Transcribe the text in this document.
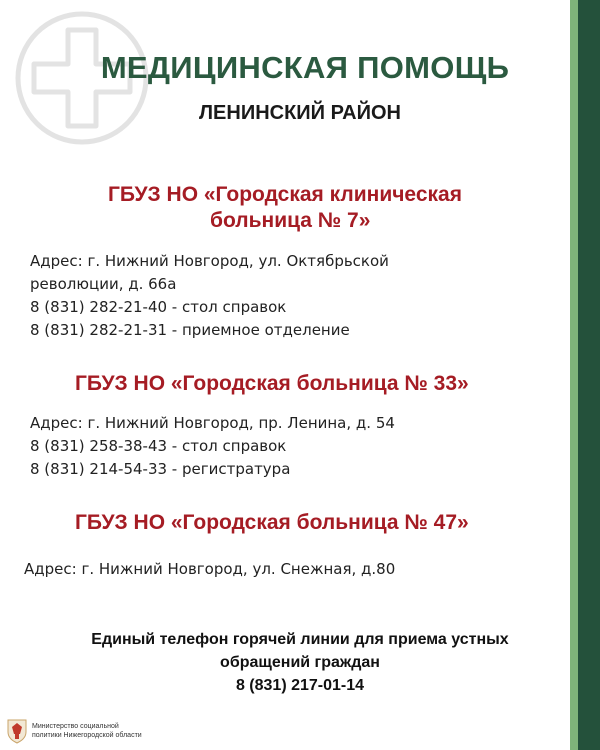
МЕДИЦИНСКАЯ ПОМОЩЬ
ЛЕНИНСКИЙ РАЙОН
ГБУЗ НО «Городская клиническая
больница № 7»
Адрес: г. Нижний Новгород, ул. Октябрьской
революции, д. 66а
8 (831) 282-21-40 - стол справок
8 (831) 282-21-31 - приемное отделение
ГБУЗ НО «Городская больница № 33»
Адрес: г. Нижний Новгород, пр. Ленина, д. 54
8 (831) 258-38-43 - стол справок
8 (831) 214-54-33 - регистратура
ГБУЗ НО «Городская больница № 47»
Адрес: г. Нижний Новгород, ул. Снежная, д.80
Единый телефон горячей линии для приема устных
обращений граждан
8 (831) 217-01-14
Министерство социальной
политики Нижегородской области
